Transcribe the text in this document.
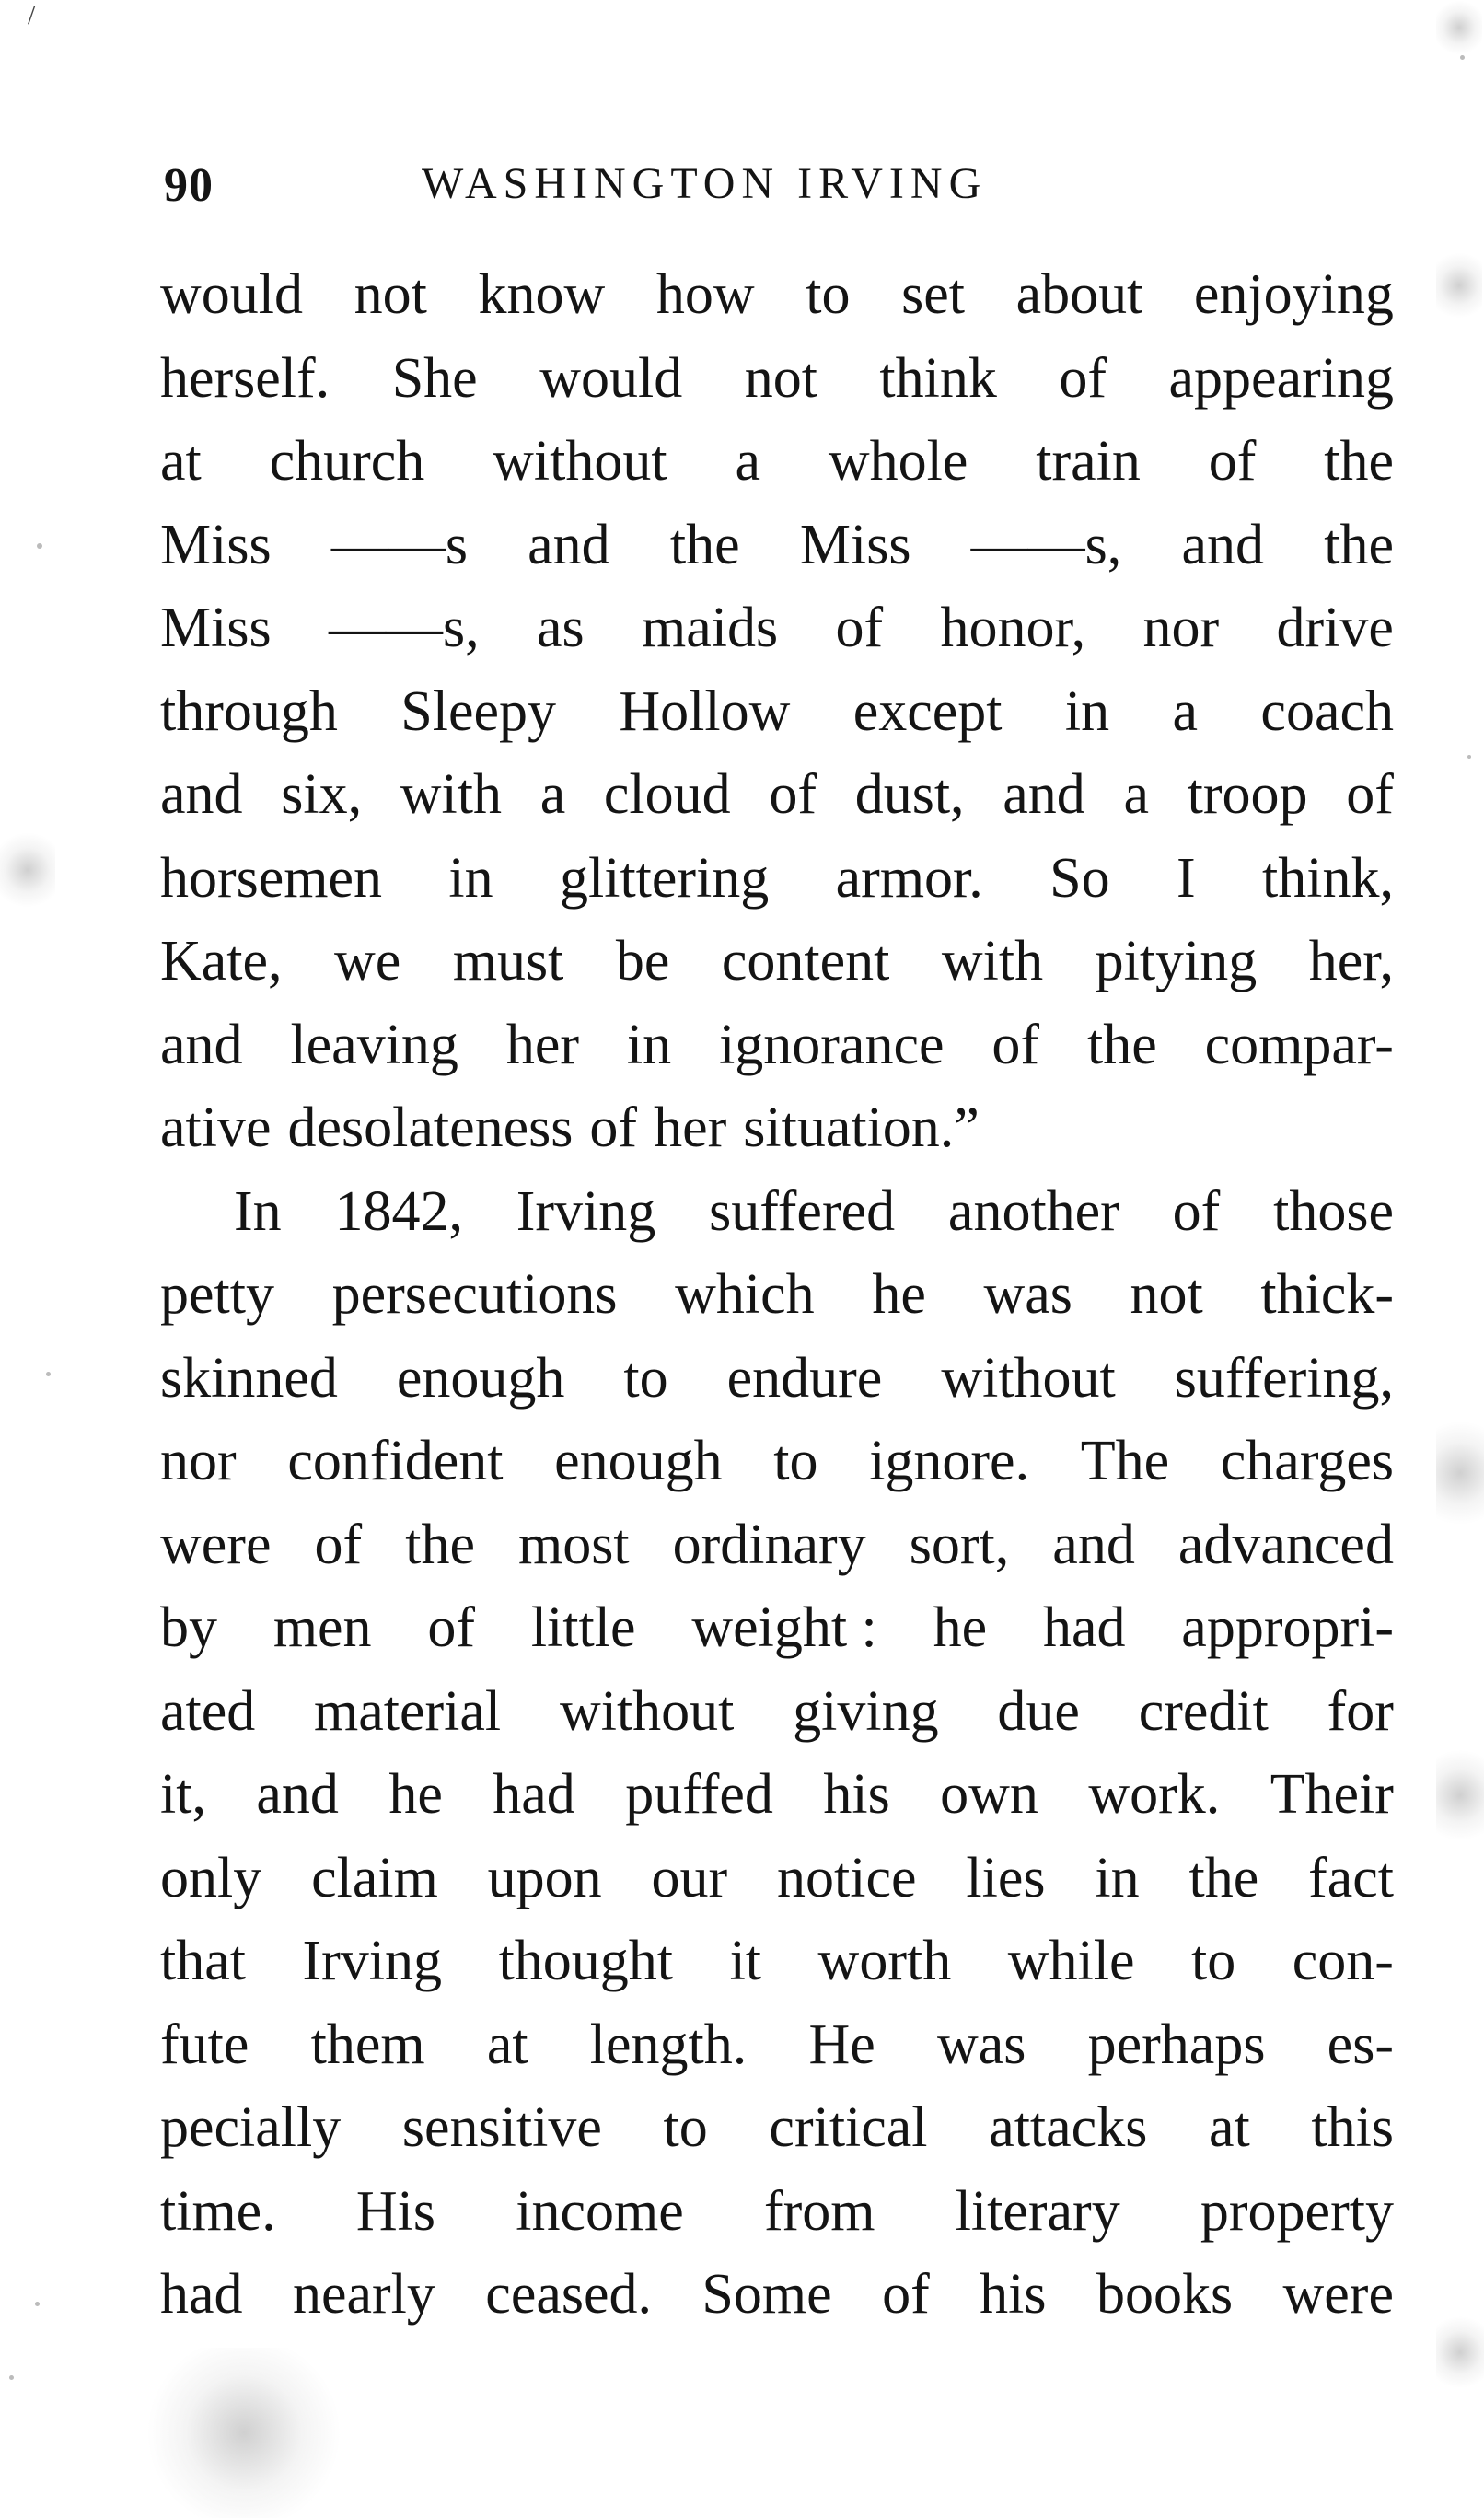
90	WASHINGTON IRVING
would not know how to set about enjoying
herself. She would not think of appearing
at church without a whole train of the
Miss ——s and the Miss ——s, and the
Miss ——s, as maids of honor, nor drive
through Sleepy Hollow except in a coach
and six, with a cloud of dust, and a troop of
horsemen in glittering armor. So I think,
Kate, we must be content with pitying her,
and leaving her in ignorance of the compar-
ative desolateness of her situation.”
In 1842, Irving suffered another of those
petty persecutions which he was not thick-
skinned enough to endure without suffering,
nor confident enough to ignore. The charges
were of the most ordinary sort, and advanced
by men of little weight : he had appropri-
ated material without giving due credit for
it, and he had puffed his own work. Their
only claim upon our notice lies in the fact
that Irving thought it worth while to con-
fute them at length. He was perhaps es-
pecially sensitive to critical attacks at this
time. His income from literary property
had nearly ceased. Some of his books were
/
